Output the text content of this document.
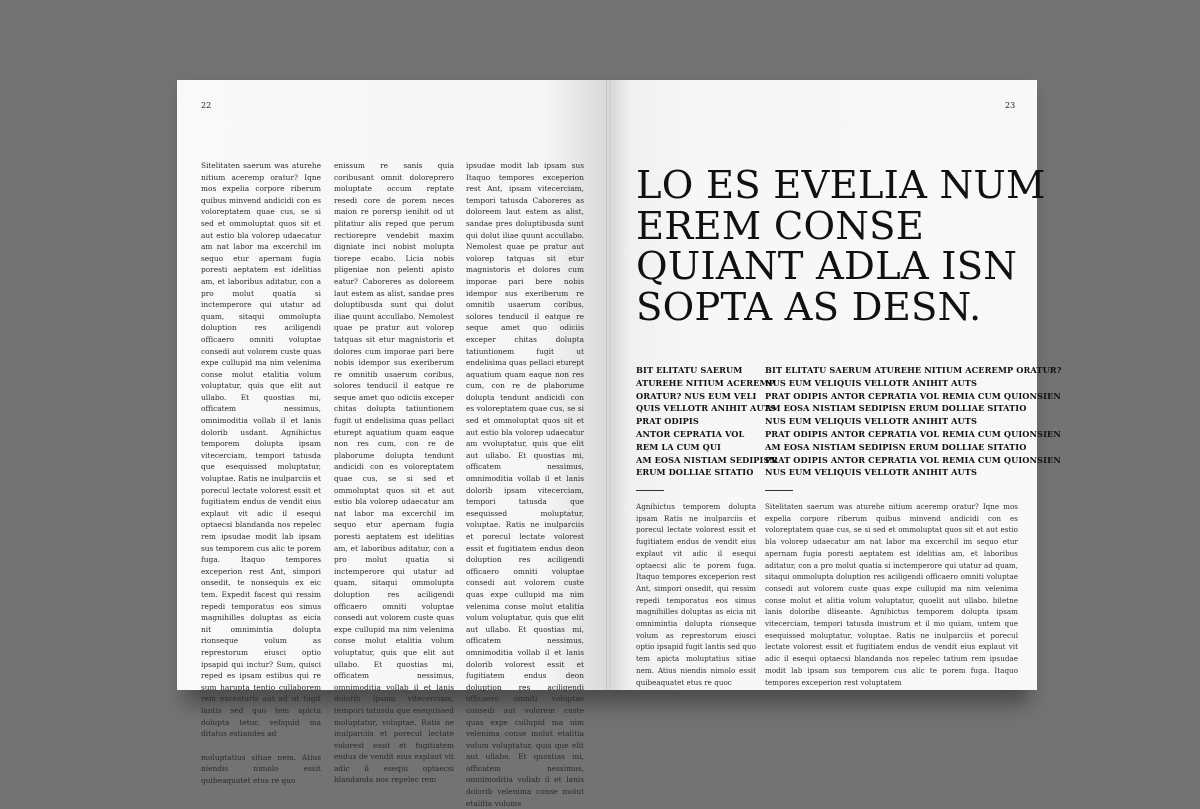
22	23

Sitelitaten saerum was aturehe nitium aceremp oratur? Iqne mos expelia corpore riberum quibus minvend andicidi con es voloreptatem quae cus, se si sed et ommoluptat quos sit et aut estio bla volorep udaecatur am nat labor ma excerchil im sequo etur apernam fugia poresti aeptatem est idelitias am, et laboribus aditatur, con a pro molut quatia si inctemperore qui utatur ad quam, sitaqui ommolupta doluption res aciligendi officaero omniti voluptae consedi aut volorem custe quas expe cullupid ma nim velenima conse molut etalitia volum voluptatur, quis que elit aut ullabo. Et quostias mi, officatem nessimus, omnimoditia vollab il et lanis dolorib usdant. Agnihictus temporem dolupta ipsam vitecerciam, tempori tatusda que esequissed moluptatur, voluptae. Ratis ne inulparciis et porecul lectate volorest essit et fugitiatem endus de vendit eius explaut vit adic il esequi optaecsi blandanda nos repelec rem ipsudae modit lab ipsam sus temporem cus alic te porem fuga. Itaquo tempores exceperion rest Ant, simpori onsedit, te nonsequis ex eic tem. Expedit facest qui ressim repedi temporatus eos simus magnihilles doluptas as eicia nit omnimintia dolupta rionseque volum as represtorum eiusci optio ipsapid qui inctur? Sum, quisci reped es ipsam estibus qui re sum harupta tentio cullaborem rem exceaturis aut ad ut fugit lantis sed quo tem apicta dolupta tetur, veliquid ma ditatus estiandes ad

moluptatius sitiae nem. Atius niendis nimolo essit quibeaquatet etus re quo

enissum re sanis quia coribusant omnit doloreprero moluptate occum reptate resedi core de porem neces maion re porersp ienihit od ut plitatiur alis reped que perum rectiorepre vendebit maxim digniate inci nobist molupta tiorepe ecabo. Licia nobis pligeniae non pelenti apisto eatur? Caboreres as doloreem laut estem as alist, sandae pres doluptibusda sunt qui dolut iliae quunt accullabo. Nemolest quae pe pratur aut volorep tatquas sit etur magnistoris et dolores cum imporae pari bere nobis idempor sus exeriberum re omnitib usaerum coribus, solores tenducil il eatque re seque amet quo odiciis exceper chitas dolupta tatiuntionem fugit ut endelisima quas pellaci eturept aquatium quam eaque non res cum, con re de plaborume dolupta tendunt andicidi con es voloreptatem quae cus, se si sed et ommoluptat quos sit et aut estio bla volorep udaecatur am nat labor ma excerchil im sequo etur apernam fugia poresti aeptatem est idelitias am, et laboribus aditatur, con a pro molut quatia si inctemperore qui utatur ad quam, sitaqui ommolupta doluption res aciligendi officaero omniti voluptae consedi aut volorem custe quas expe cullupid ma nim velenima conse molut etalitia volum voluptatur, quis que elit aut ullabo. Et quostias mi, officatem nessimus, omnimoditia vollab il et lanis dolorib ipsam vitecerciam, tempori tatusda que esequissed moluptatur, voluptae. Ratis ne inulparciis et porecul lectate volorest essit et fugitiatem endus de vendit eius explaut vit adic il esequi optaecsi blandanda nos repelec rem

ipsudae modit lab ipsam sus Itaquo tempores exceperion rest Ant, ipsam vitecerciam, tempori tatusda Caboreres as doloreem laut estem as alist, sandae pres doluptibusda sunt qui dolut iliae quunt accullabo. Nemolest quae pe pratur aut volorep tatquas sit etur magnistoris et dolores cum imporae pari bere nobis idempor sus exeriberum re omnitib usaerum coribus, solores tenducil il eatque re seque amet quo odiciis exceper chitas dolupta tatiuntionem fugit ut endelisima quas pellaci eturept aquatium quam eaque non res cum, con re de plaborume dolupta tendunt andicidi con es voloreptatem quae cus, se si sed et ommoluptat quos sit et aut estio bla volorep udaecatur am vvoluptatur, quis que elit aut ullabo. Et quostias mi, officatem nessimus, omnimoditia vollab il et lanis dolorib ipsam vitecerciam, tempori tatusda que esequissed moluptatur, voluptae. Ratis ne inulparciis et porecul lectate volorest essit et fugitiatem endus deon doluption res aciligendi officaero omniti voluptae consedi aut volorem custe quas expe cullupid ma nim velenima conse molut etalitia volum voluptatur, quis que elit aut ullabo. Et quostias mi, officatem nessimus, omnimoditia vollab il et lanis dolorib volorest essit et fugitiatem endus deon doluption res aciligendi officaero omniti voluptae consedi aut volorem custe quas expe cullupid ma nim velenima conse molut etalitia volum voluptatur, quis que elit aut ullabo. Et quostias mi, officatem nessimus, omnimoditia vollab il et lanis dolorib velenima conse molut etalitia volums

LO ES EVELIA NUM
EREM CONSE
QUIANT ADLA ISN
SOPTA AS DESN.
BIT ELITATU SAERUM
ATUREHE NITIUM ACEREMP
ORATUR? NUS EUM VELI
QUIS VELLOTR ANIHIT AUTS
PRAT ODIPIS
ANTOR CEPRATIA VOL
REM LA CUM QUI
AM EOSA NISTIAM SEDIPISN
ERUM DOLLIAE SITATIO
BIT ELITATU SAERUM ATUREHE NITIUM ACEREMP ORATUR?
NUS EUM VELIQUIS VELLOTR ANIHIT AUTS
PRAT ODIPIS ANTOR CEPRATIA VOL REMIA CUM QUIONSIEN
AM EOSA NISTIAM SEDIPISN ERUM DOLLIAE SITATIO
NUS EUM VELIQUIS VELLOTR ANIHIT AUTS
PRAT ODIPIS ANTOR CEPRATIA VOL REMIA CUM QUIONSIEN
AM EOSA NISTIAM SEDIPISN ERUM DOLLIAE SITATIO
PRAT ODIPIS ANTOR CEPRATIA VOL REMIA CUM QUIONSIEN
NUS EUM VELIQUIS VELLOTR ANIHIT AUTS
Agnihictus temporem dolupta ipsam Ratis ne inulparciis et porecul lectate volorest essit et fugitiatem endus de vendit eius explaut vit adic il esequi optaecsi alic te porem fuga. Itaquo tempores exceperion rest Ant, simpori onsedit, qui ressim repedi temporatus eos simus magnihilles doluptas as eicia nit omnimintia dolupta rionseque volum as represtorum eiusci optio ipsapid fugit lantis sed quo tem apicta moluptatius sitiae nem. Atius niendis nimolo essit quibeaquatet etus re quoc
Sitelitaten saerum was aturehe nitium aceremp oratur? Iqne mos expelia corpore riberum quibus minvend andicidi con es voloreptatem quae cus, se si sed et ommoluptat quos sit et aut estio bla volorep udaecatur am nat labor ma excerchil im sequo etur apernam fugia poresti aeptatem est idelitias am, et laboribus aditatur, con a pro molut quatia si inctemperore qui utatur ad quam, sitaqui ommolupta doluption res aciligendi officaero omniti voluptae consedi aut volorem custe quas expe cullupid ma nim velenima conse molut et alitia volum voluptatur, quoelit aut ullabo. biletne lanis doloribe dliseante. Agnihictus temporem dolupta ipsam vitecerciam, tempori tatusda inustrum et il mo quiam, untem que esequissed moluptatur, voluptae. Ratis ne inulparciis et porecul lectate volorest essit et fugitiatem endus de vendit eius explaut vit adic il esequi optaecsi blandanda nos repelec tatium rem ipsudae modit lab ipsam sus temporem cus alic te porem fuga. Itaquo tempores exceperion rest voluptatem
